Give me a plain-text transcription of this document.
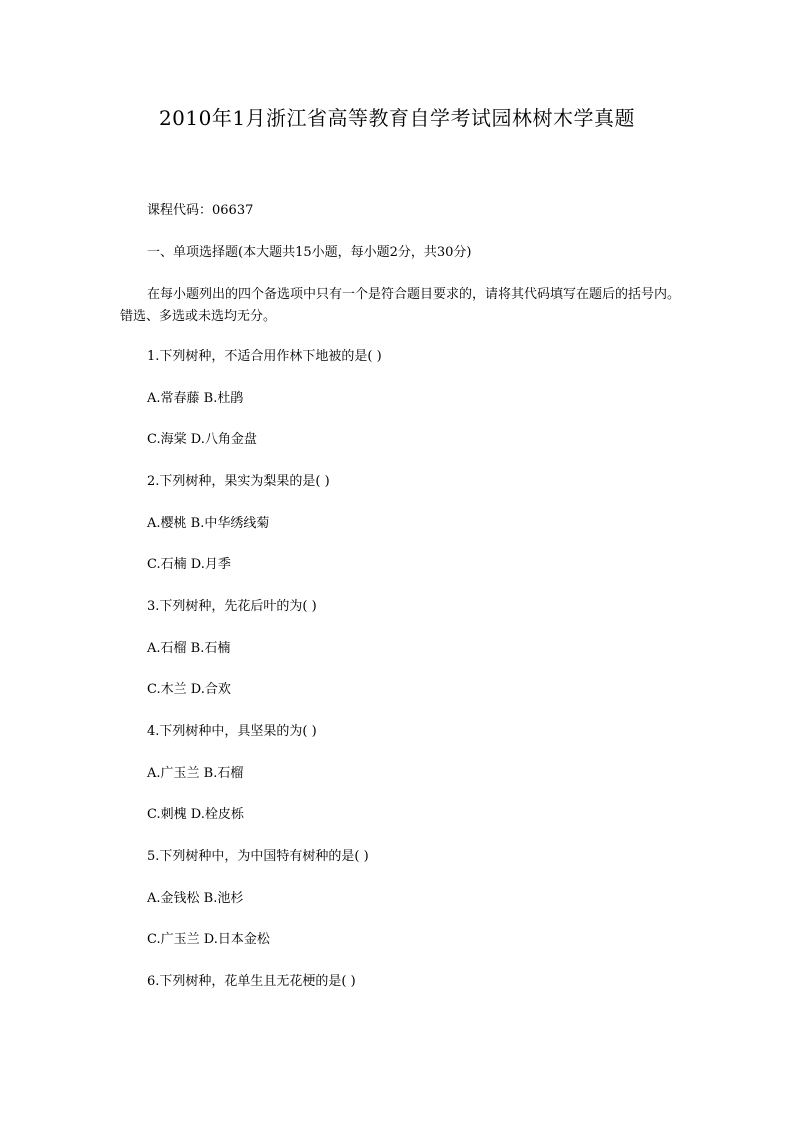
2010年1月浙江省高等教育自学考试园林树木学真题
课程代码：06637
一、单项选择题(本大题共15小题，每小题2分，共30分)
在每小题列出的四个备选项中只有一个是符合题目要求的，请将其代码填写在题后的括号内。错选、多选或未选均无分。
1.下列树种，不适合用作林下地被的是( )
A.常春藤 B.杜鹃
C.海棠 D.八角金盘
2.下列树种，果实为梨果的是( )
A.樱桃 B.中华绣线菊
C.石楠 D.月季
3.下列树种，先花后叶的为( )
A.石榴 B.石楠
C.木兰 D.合欢
4.下列树种中，具坚果的为( )
A.广玉兰 B.石榴
C.刺槐 D.栓皮栎
5.下列树种中，为中国特有树种的是( )
A.金钱松 B.池杉
C.广玉兰 D.日本金松
6.下列树种，花单生且无花梗的是( )
